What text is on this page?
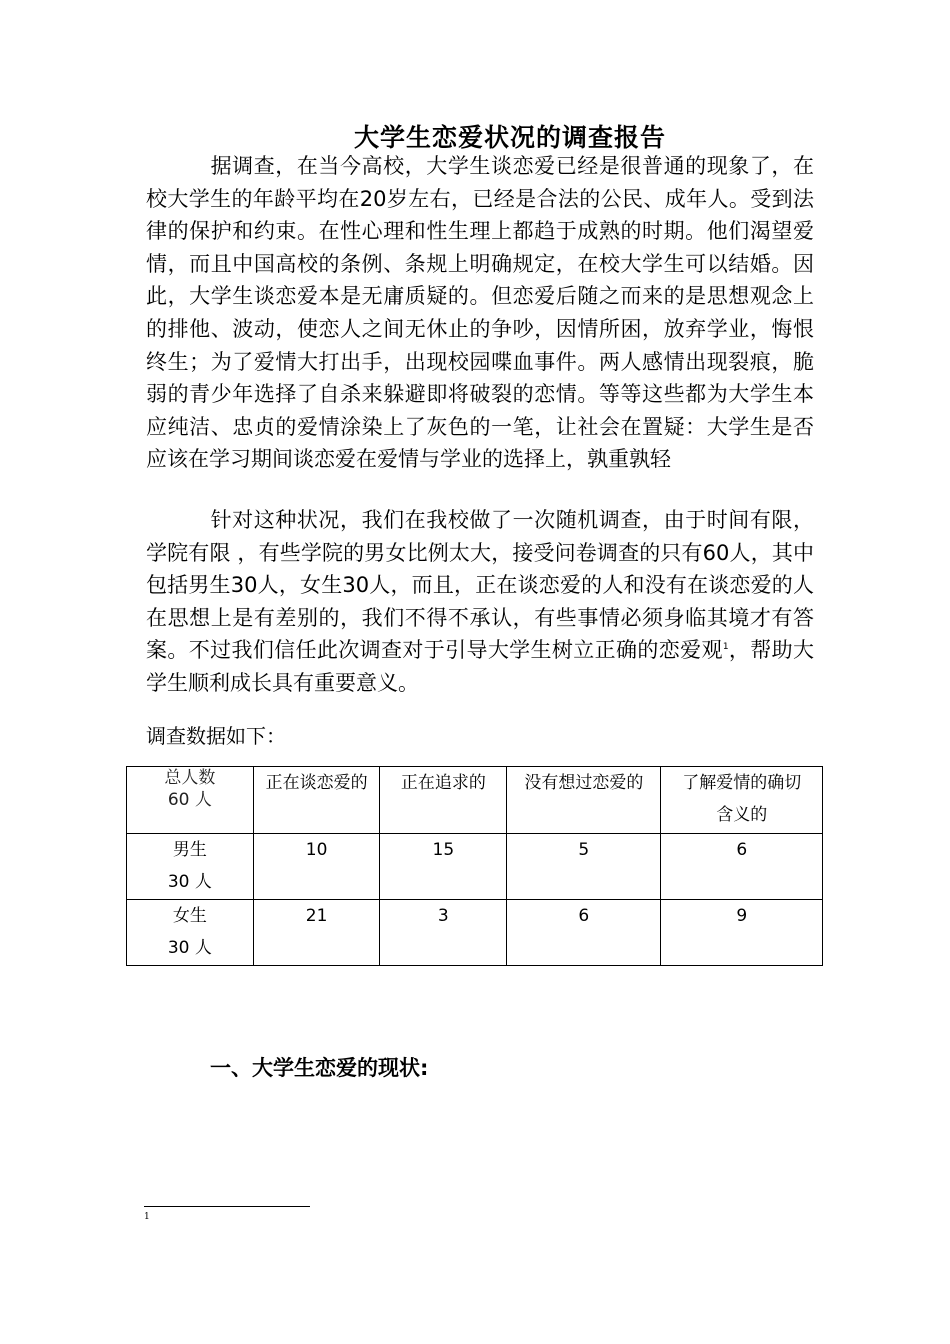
大学生恋爱状况的调查报告
据调查，在当今高校，大学生谈恋爱已经是很普通的现象了，在校大学生的年龄平均在20岁左右，已经是合法的公民、成年人。受到法律的保护和约束。在性心理和性生理上都趋于成熟的时期。他们渴望爱情，而且中国高校的条例、条规上明确规定，在校大学生可以结婚。因此，大学生谈恋爱本是无庸质疑的。但恋爱后随之而来的是思想观念上的排他、波动，使恋人之间无休止的争吵，因情所困，放弃学业，悔恨终生；为了爱情大打出手，出现校园喋血事件。两人感情出现裂痕，脆弱的青少年选择了自杀来躲避即将破裂的恋情。等等这些都为大学生本应纯洁、忠贞的爱情涂染上了灰色的一笔，让社会在置疑：大学生是否应该在学习期间谈恋爱在爱情与学业的选择上，孰重孰轻
针对这种状况，我们在我校做了一次随机调查，由于时间有限，学院有限 ，有些学院的男女比例太大，接受问卷调查的只有60人，其中包括男生30人，女生30人，而且，正在谈恋爱的人和没有在谈恋爱的人在思想上是有差别的，我们不得不承认，有些事情必须身临其境才有答案。不过我们信任此次调查对于引导大学生树立正确的恋爱观$^1$，帮助大学生顺利成长具有重要意义。
调查数据如下：
总人数
60 人	正在谈恋爱的	正在追求的	没有想过恋爱的	了解爱情的确切含义的

男生
30 人	10	15	5	6

女生
30 人	21	3	6	9
一、大学生恋爱的现状:
1
